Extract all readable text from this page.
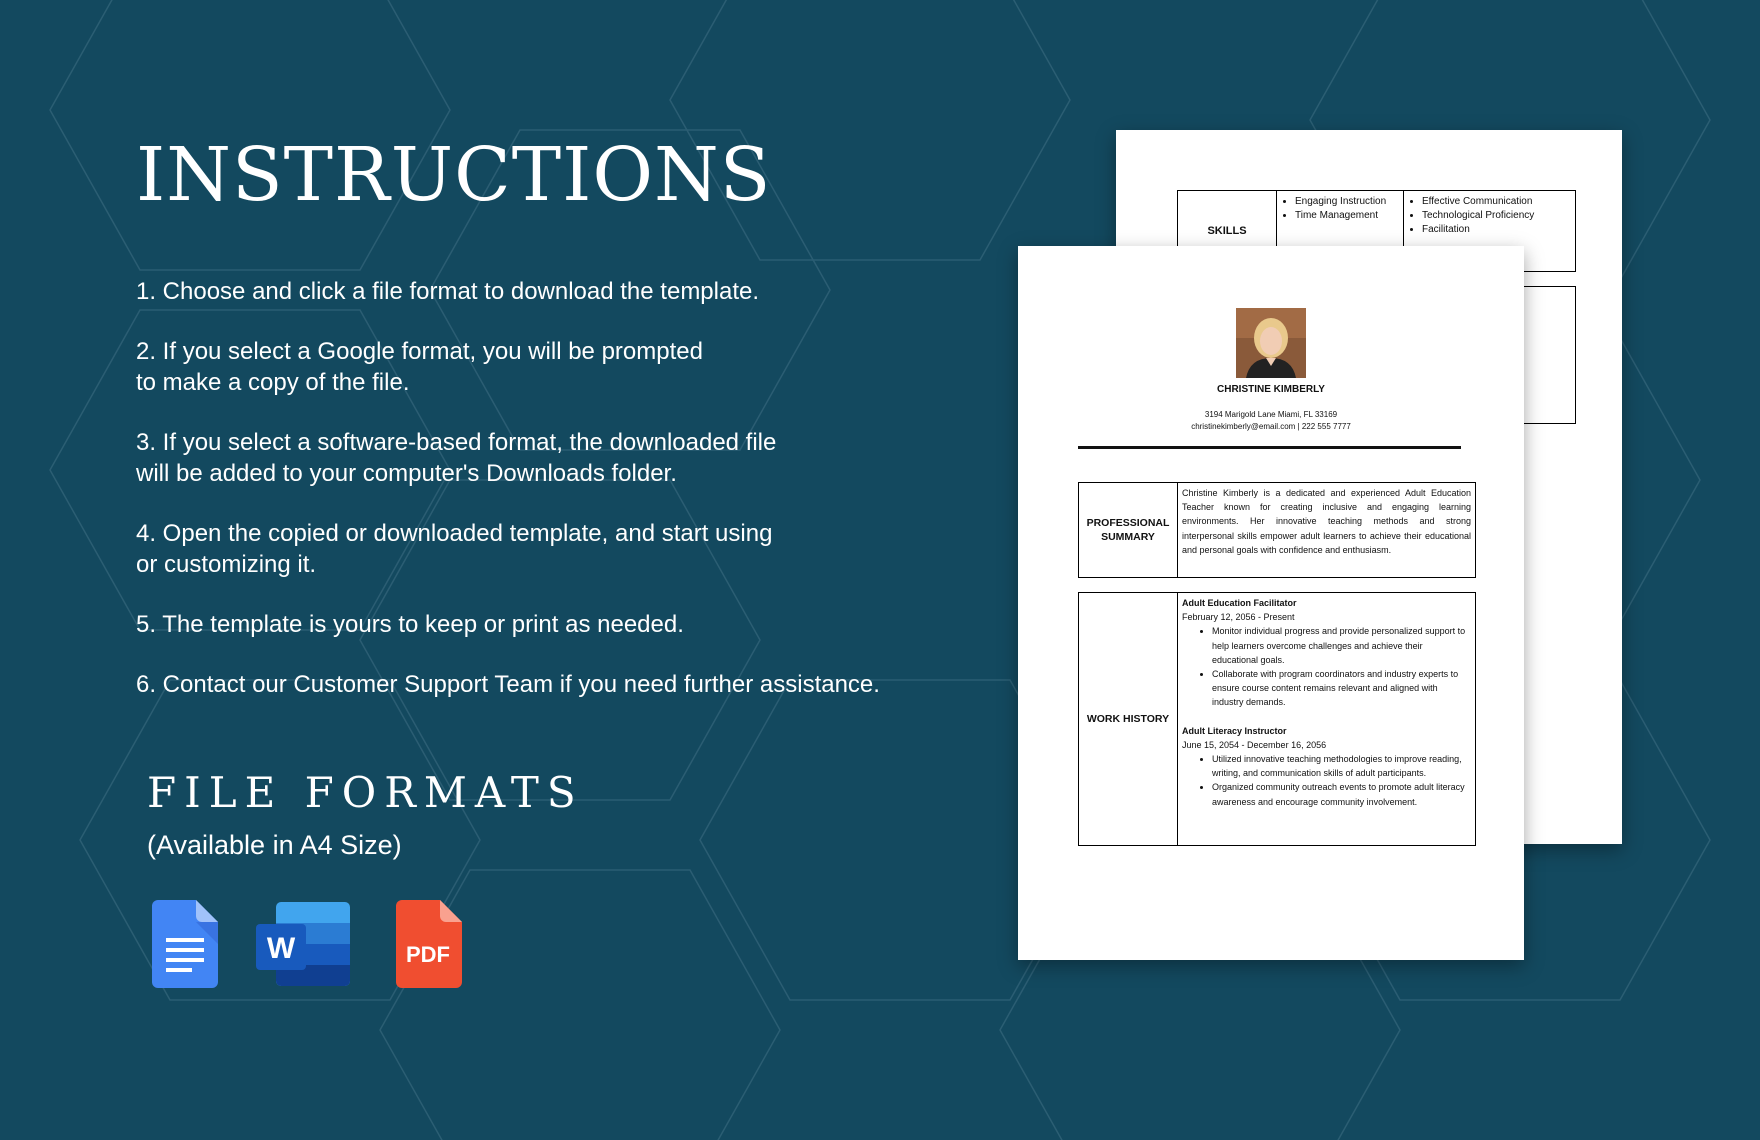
INSTRUCTIONS
1. Choose and click a file format to download the template.
2. If you select a Google format, you will be prompted
to make a copy of the file.
3. If you select a software-based format, the downloaded file
will be added to your computer's Downloads folder.
4. Open the copied or downloaded template, and start using
or customizing it.
5. The template is yours to keep or print as needed.
6. Contact our Customer Support Team if you need further assistance.
FILE FORMATS
(Available in A4 Size)
W	PDF
SKILLS
• Engaging Instruction
• Time Management
• Effective Communication
• Technological Proficiency
• Facilitation
CHRISTINE KIMBERLY
3194 Marigold Lane Miami, FL 33169
christinekimberly@email.com | 222 555 7777
PROFESSIONAL SUMMARY
Christine Kimberly is a dedicated and experienced Adult Education Teacher known for creating inclusive and engaging learning environments. Her innovative teaching methods and strong interpersonal skills empower adult learners to achieve their educational and personal goals with confidence and enthusiasm.
WORK HISTORY
Adult Education Facilitator
February 12, 2056 - Present
• Monitor individual progress and provide personalized support to help learners overcome challenges and achieve their educational goals.
• Collaborate with program coordinators and industry experts to ensure course content remains relevant and aligned with industry demands.
Adult Literacy Instructor
June 15, 2054 - December 16, 2056
• Utilized innovative teaching methodologies to improve reading, writing, and communication skills of adult participants.
• Organized community outreach events to promote adult literacy awareness and encourage community involvement.
